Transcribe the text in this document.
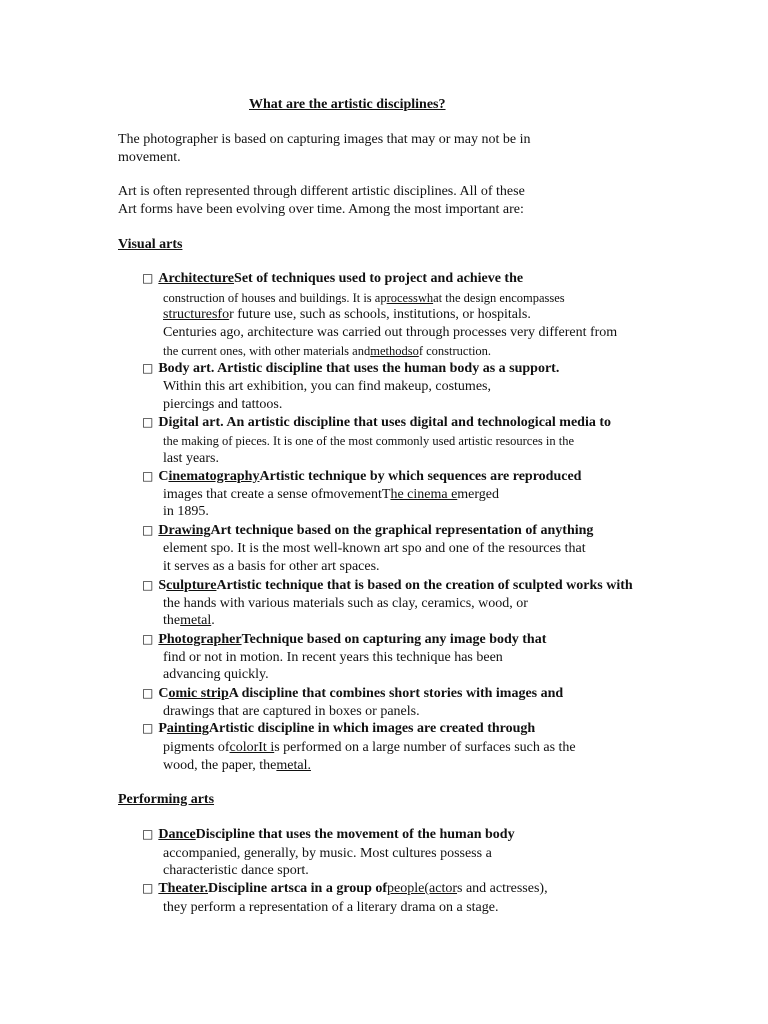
What are the artistic disciplines?
The photographer is based on capturing images that may or may not be in
movement.
Art is often represented through different artistic disciplines. All of these
Art forms have been evolving over time. Among the most important are:
Visual arts
□ ArchitectureSet of techniques used to project and achieve the
construction of houses and buildings. It is aprocesswhat the design encompasses
structuresfor future use, such as schools, institutions, or hospitals.
Centuries ago, architecture was carried out through processes very different from
the current ones, with other materials andmethodsof construction.
□ Body art. Artistic discipline that uses the human body as a support.
Within this art exhibition, you can find makeup, costumes,
piercings and tattoos.
□ Digital art. An artistic discipline that uses digital and technological media to
the making of pieces. It is one of the most commonly used artistic resources in the
last years.
□ CinematographyArtistic technique by which sequences are reproduced
images that create a sense ofmovementThe cinema emerged
in 1895.
□ DrawingArt technique based on the graphical representation of anything
element spo. It is the most well-known art spo and one of the resources that
it serves as a basis for other art spaces.
□ SculptureArtistic technique that is based on the creation of sculpted works with
the hands with various materials such as clay, ceramics, wood, or
themetal.
□ PhotographerTechnique based on capturing any image body that
find or not in motion. In recent years this technique has been
advancing quickly.
□ Comic stripA discipline that combines short stories with images and
drawings that are captured in boxes or panels.
□ PaintingArtistic discipline in which images are created through
pigments ofcolorIt is performed on a large number of surfaces such as the
wood, the paper, themetal.
Performing arts
□ DanceDiscipline that uses the movement of the human body
accompanied, generally, by music. Most cultures possess a
characteristic dance sport.
□ Theater.Discipline artsca in a group ofpeople(actors and actresses),
they perform a representation of a literary drama on a stage.
